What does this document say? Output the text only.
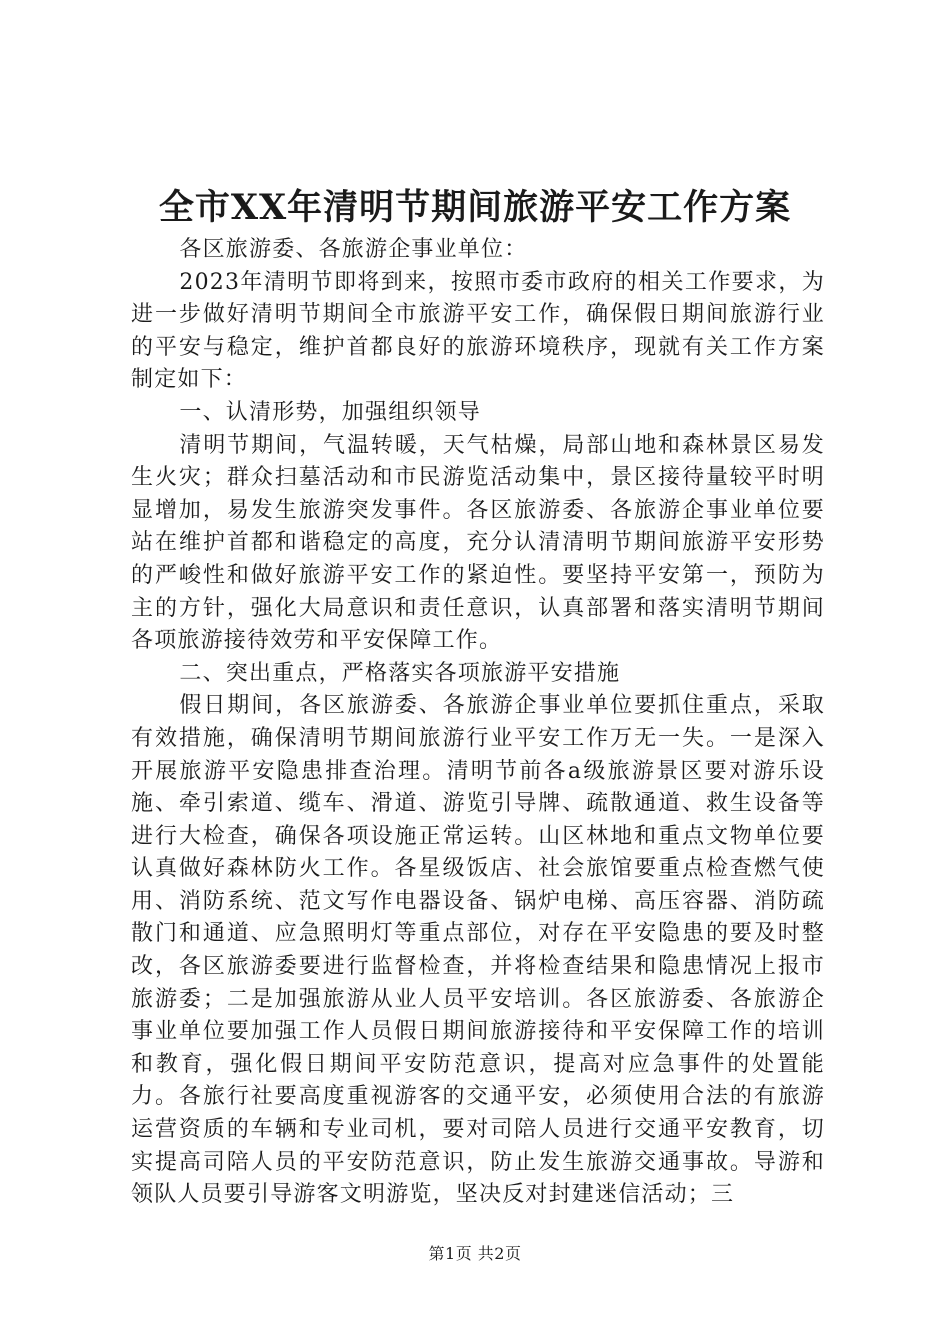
全市XX年清明节期间旅游平安工作方案

各区旅游委、各旅游企事业单位：

2023年清明节即将到来，按照市委市政府的相关工作要求，为进一步做好清明节期间全市旅游平安工作，确保假日期间旅游行业的平安与稳定，维护首都良好的旅游环境秩序，现就有关工作方案制定如下：

一、认清形势，加强组织领导

清明节期间，气温转暖，天气枯燥，局部山地和森林景区易发生火灾；群众扫墓活动和市民游览活动集中，景区接待量较平时明显增加，易发生旅游突发事件。各区旅游委、各旅游企事业单位要站在维护首都和谐稳定的高度，充分认清清明节期间旅游平安形势的严峻性和做好旅游平安工作的紧迫性。要坚持平安第一，预防为主的方针，强化大局意识和责任意识，认真部署和落实清明节期间各项旅游接待效劳和平安保障工作。

二、突出重点，严格落实各项旅游平安措施

假日期间，各区旅游委、各旅游企事业单位要抓住重点，采取有效措施，确保清明节期间旅游行业平安工作万无一失。一是深入开展旅游平安隐患排查治理。清明节前各a级旅游景区要对游乐设施、牵引索道、缆车、滑道、游览引导牌、疏散通道、救生设备等进行大检查，确保各项设施正常运转。山区林地和重点文物单位要认真做好森林防火工作。各星级饭店、社会旅馆要重点检查燃气使用、消防系统、范文写作电器设备、锅炉电梯、高压容器、消防疏散门和通道、应急照明灯等重点部位，对存在平安隐患的要及时整改，各区旅游委要进行监督检查，并将检查结果和隐患情况上报市旅游委；二是加强旅游从业人员平安培训。各区旅游委、各旅游企事业单位要加强工作人员假日期间旅游接待和平安保障工作的培训和教育，强化假日期间平安防范意识，提高对应急事件的处置能力。各旅行社要高度重视游客的交通平安，必须使用合法的有旅游运营资质的车辆和专业司机，要对司陪人员进行交通平安教育，切实提高司陪人员的平安防范意识，防止发生旅游交通事故。导游和领队人员要引导游客文明游览，坚决反对封建迷信活动；三

第1页 共2页
